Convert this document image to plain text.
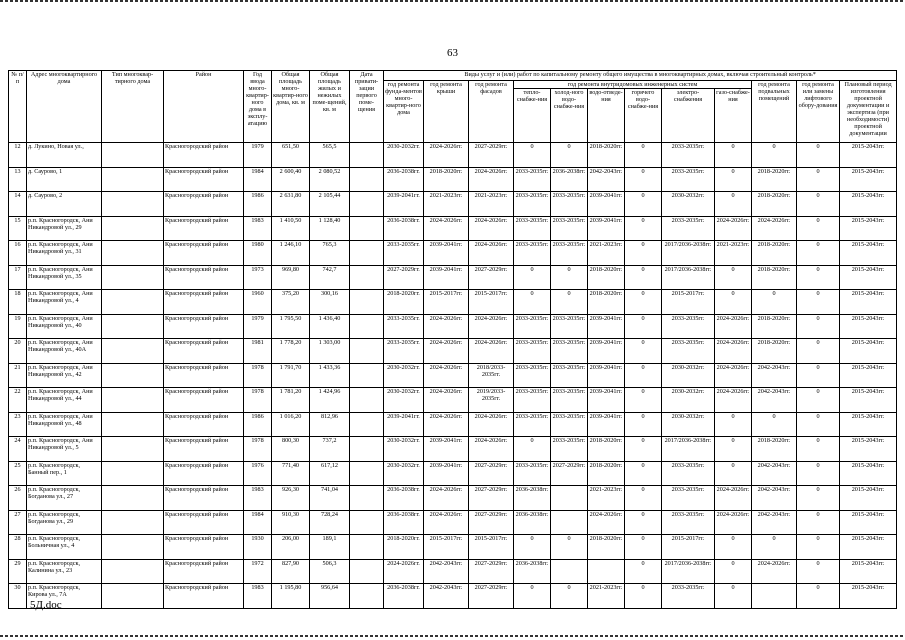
63
№ п/п	Адрес многоквартирного дома	Тип многоквар-тирного дома	Район	Год ввода много-квартир-ного дома в эксплу-атацию	Общая площадь много-квартир-ного дома, кв. м	Общая площадь жилых и нежилых поме-щений, кв. м	Дата привати-зации первого поме-щения	Виды услуг и (или) работ по капитальному ремонту общего имущества в многоквартирных домах, включая строительный контроль*											
								год ремонта фунда-ментов много-квартир-ного дома	год ремонта крыши	год ремонта фасадов	год ремонта внутридомовых инженерных систем						год ремонта подвальных помещений	год ремонта или замены лифтового обору-дования	Плановый период изготовления проектной документации и экспертиза (при необходимости) проектной документации
											тепло-снабже-ния	холод-ного водо-снабже-ния	водо-отведе-ния	горячего водо-снабже-ния	электро-снабжения	газо-снабже-ния			
12	д. Лукино, Новая ул.,		Красногородский район	1979	651,50	565,5		2030-2032гг.	2024-2026гг.	2027-2029гг.	0	0	2018-2020гг.	0	2033-2035гг.	0	0	0	2015-2043гг.
13	д. Саурово, 1		Красногородский район	1984	2 600,40	2 080,52		2036-2038гг.	2018-2020гг.	2024-2026гг.	2033-2035гг.	2036-2038гг.	2042-2043гг.	0	2033-2035гг.	0	2018-2020гг.	0	2015-2043гг.
14	д. Саурово, 2		Красногородский район	1986	2 631,80	2 105,44		2039-2041гг.	2021-2023гг.	2021-2023гг.	2033-2035гг.	2033-2035гг.	2039-2041гг.	0	2030-2032гг.	0	2018-2020гг.	0	2015-2043гг.
15	р.п. Красногородск, Ани Никандровой ул., 29		Красногородский район	1983	1 410,50	1 128,40		2036-2038гг.	2024-2026гг.	2024-2026гг.	2033-2035гг.	2033-2035гг.	2039-2041гг.	0	2033-2035гг.	2024-2026гг.	2024-2026гг.	0	2015-2043гг.
16	р.п. Красногородск, Ани Никандровой ул., 31		Красногородский район	1980	1 246,10	765,3		2033-2035гг.	2039-2041гг.	2024-2026гг.	2033-2035гг.	2033-2035гг.	2021-2023гг.	0	2017/2036-2038гг.	2021-2023гг.	2018-2020гг.	0	2015-2043гг.
17	р.п. Красногородск, Ани Никандровой ул., 35		Красногородский район	1973	969,80	742,7		2027-2029гг.	2039-2041гг.	2027-2029гг.	0	0	2018-2020гг.	0	2017/2036-2038гг.	0	2018-2020гг.	0	2015-2043гг.
18	р.п. Красногородск, Ани Никандровой ул., 4		Красногородский район	1960	375,20	300,16		2018-2020гг.	2015-2017гг.	2015-2017гг.	0	0	2018-2020гг.	0	2015-2017гг.	0	0	0	2015-2043гг.
19	р.п. Красногородск, Ани Никандровой ул., 40		Красногородский район	1979	1 795,50	1 436,40		2033-2035гг.	2024-2026гг.	2024-2026гг.	2033-2035гг.	2033-2035гг.	2039-2041гг.	0	2033-2035гг.	2024-2026гг.	2018-2020гг.	0	2015-2043гг.
20	р.п. Красногородск, Ани Никандровой ул., 40А		Красногородский район	1981	1 778,20	1 303,00		2033-2035гг.	2024-2026гг.	2024-2026гг.	2033-2035гг.	2033-2035гг.	2039-2041гг.	0	2033-2035гг.	2024-2026гг.	2018-2020гг.	0	2015-2043гг.
21	р.п. Красногородск, Ани Никандровой ул., 42		Красногородский район	1978	1 791,70	1 433,36		2030-2032гг.	2024-2026гг.	2018/2033-2035гг.	2033-2035гг.	2033-2035гг.	2039-2041гг.	0	2030-2032гг.	2024-2026гг.	2042-2043гг.	0	2015-2043гг.
22	р.п. Красногородск, Ани Никандровой ул., 44		Красногородский район	1978	1 781,20	1 424,96		2030-2032гг.	2024-2026гг.	2019/2033-2035гг.	2033-2035гг.	2033-2035гг.	2039-2041гг.	0	2030-2032гг.	2024-2026гг.	2042-2043гг.	0	2015-2043гг.
23	р.п. Красногородск, Ани Никандровой ул., 48		Красногородский район	1986	1 016,20	812,96		2039-2041гг.	2024-2026гг.	2024-2026гг.	2033-2035гг.	2033-2035гг.	2039-2041гг.	0	2030-2032гг.	0	0	0	2015-2043гг.
24	р.п. Красногородск, Ани Никандровой ул., 5		Красногородский район	1978	800,30	737,2		2030-2032гг.	2039-2041гг.	2024-2026гг.	0	2033-2035гг.	2018-2020гг.	0	2017/2036-2038гг.	0	2018-2020гг.	0	2015-2043гг.
25	р.п. Красногородск, Банный пер., 1		Красногородский район	1976	771,40	617,12		2030-2032гг.	2039-2041гг.	2027-2029гг.	2033-2035гг.	2027-2029гг.	2018-2020гг.	0	2033-2035гг.	0	2042-2043гг.	0	2015-2043гг.
26	р.п. Красногородск, Богданова ул., 27		Красногородский район	1983	926,30	741,04		2036-2038гг.	2024-2026гг.	2027-2029гг.	2036-2038гг.		2021-2023гг.	0	2033-2035гг.	2024-2026гг.	2042-2043гг.	0	2015-2043гг.
27	р.п. Красногородск, Богданова ул., 29		Красногородский район	1984	910,30	728,24		2036-2038гг.	2024-2026гг.	2027-2029гг.	2036-2038гг.		2024-2026гг.	0	2033-2035гг.	2024-2026гг.	2042-2043гг.	0	2015-2043гг.
28	р.п. Красногородск, Больничная ул., 4		Красногородский район	1930	206,00	189,1		2018-2020гг.	2015-2017гг.	2015-2017гг.	0	0	2018-2020гг.	0	2015-2017гг.	0	0	0	2015-2043гг.
29	р.п. Красногородск, Калинина ул., 23		Красногородский район	1972	827,90	506,3		2024-2026гг.	2042-2043гг.	2027-2029гг.	2036-2038гг.			0	2017/2036-2038гг.	0	2024-2026гг.	0	2015-2043гг.
30	р.п. Красногородск, Кирова ул., 7А		Красногородский район	1983	1 195,80	956,64		2036-2038гг.	2042-2043гг.	2027-2029гг.	0	0	2021-2023гг.	0	2033-2035гг.	0		0	2015-2043гг.
5Д.doc
